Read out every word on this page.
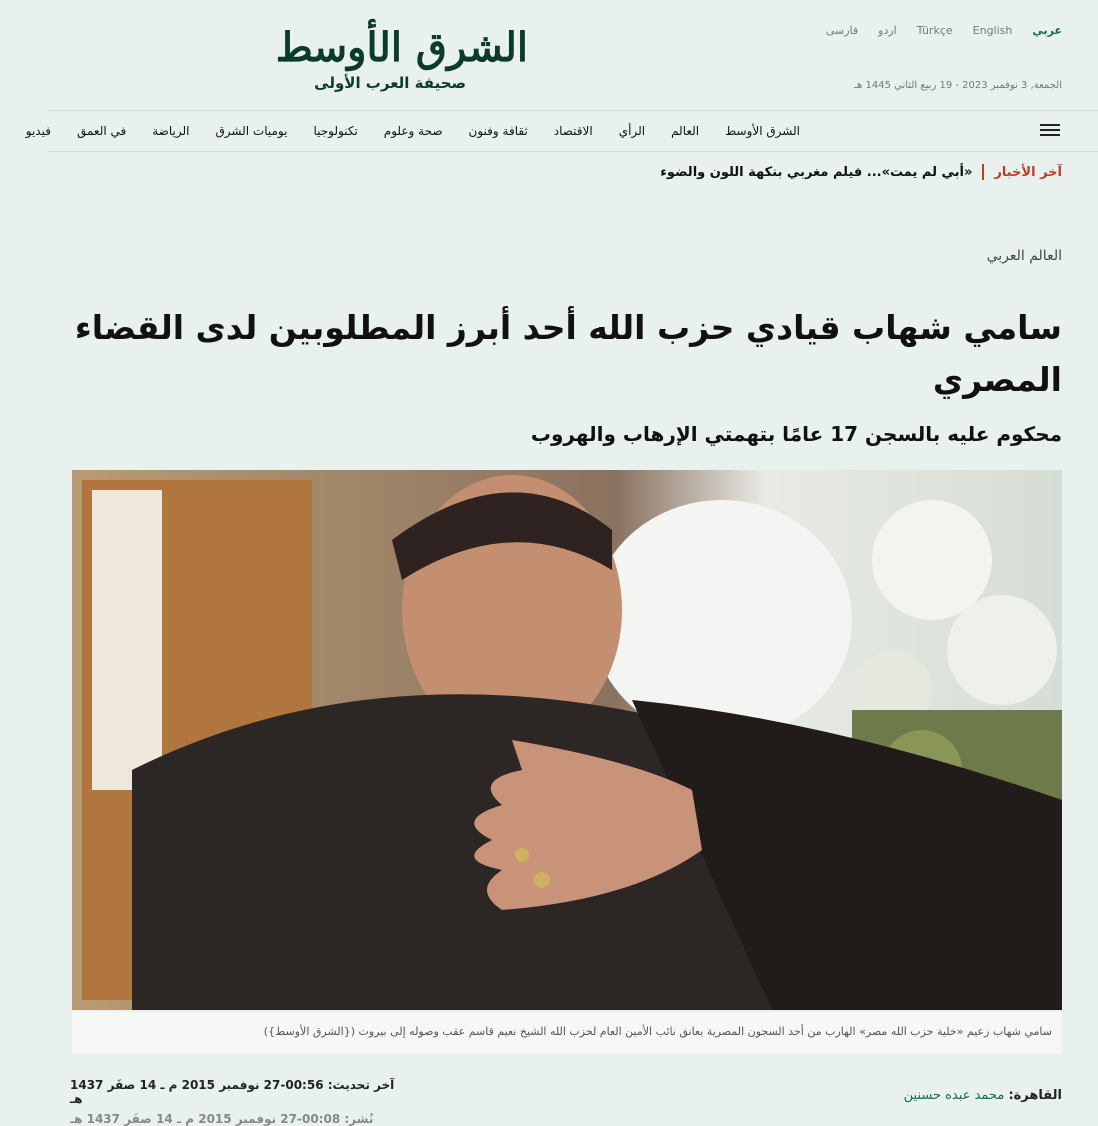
عربي
English
Türkçe
اردو
فارسی
الجمعة, 3 نوفمبر 2023 - 19 ربيع الثاني 1445 هـ
الشرق الأوسط
صحيفة العرب الأولى
الشرق الأوسط
العالم
الرأي
الاقتصاد
ثقافة وفنون
صحة وعلوم
تكنولوجيا
يوميات الشرق
الرياضة
في العمق
فيديو
آخر الأخبار
«أبي لم يمت»... فيلم مغربي بنكهة اللون والضوء
العالم العربي
سامي شهاب قيادي حزب الله أحد أبرز المطلوبين لدى القضاء المصري
محكوم عليه بالسجن 17 عامًا بتهمتي الإرهاب والهروب
سامي شهاب زعيم «خلية حزب الله مصر» الهارب من أحد السجون المصرية يعانق نائب الأمين العام لحزب الله الشيخ نعيم قاسم عقب وصوله إلى بيروت ({الشرق الأوسط})
آخر تحديث: 00:56-27 نوفمبر 2015 م ـ 14 صفَر 1437 هـ
نُشر: 00:08-27 نوفمبر 2015 م ـ 14 صفَر 1437 هـ
القاهرة: محمد عبده حسنين
